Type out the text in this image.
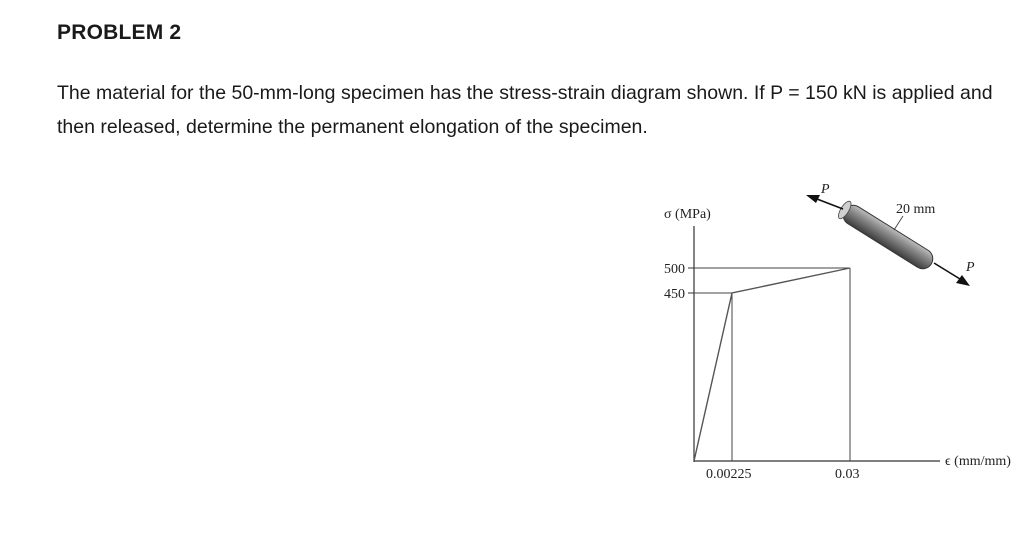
PROBLEM 2
The material for the 50-mm-long specimen has the stress-strain diagram shown. If P = 150 kN is applied and then released, determine the permanent elongation of the specimen.
σ (MPa)
ϵ (mm/mm)
500
450
0.00225	0.03
P
P
20 mm
